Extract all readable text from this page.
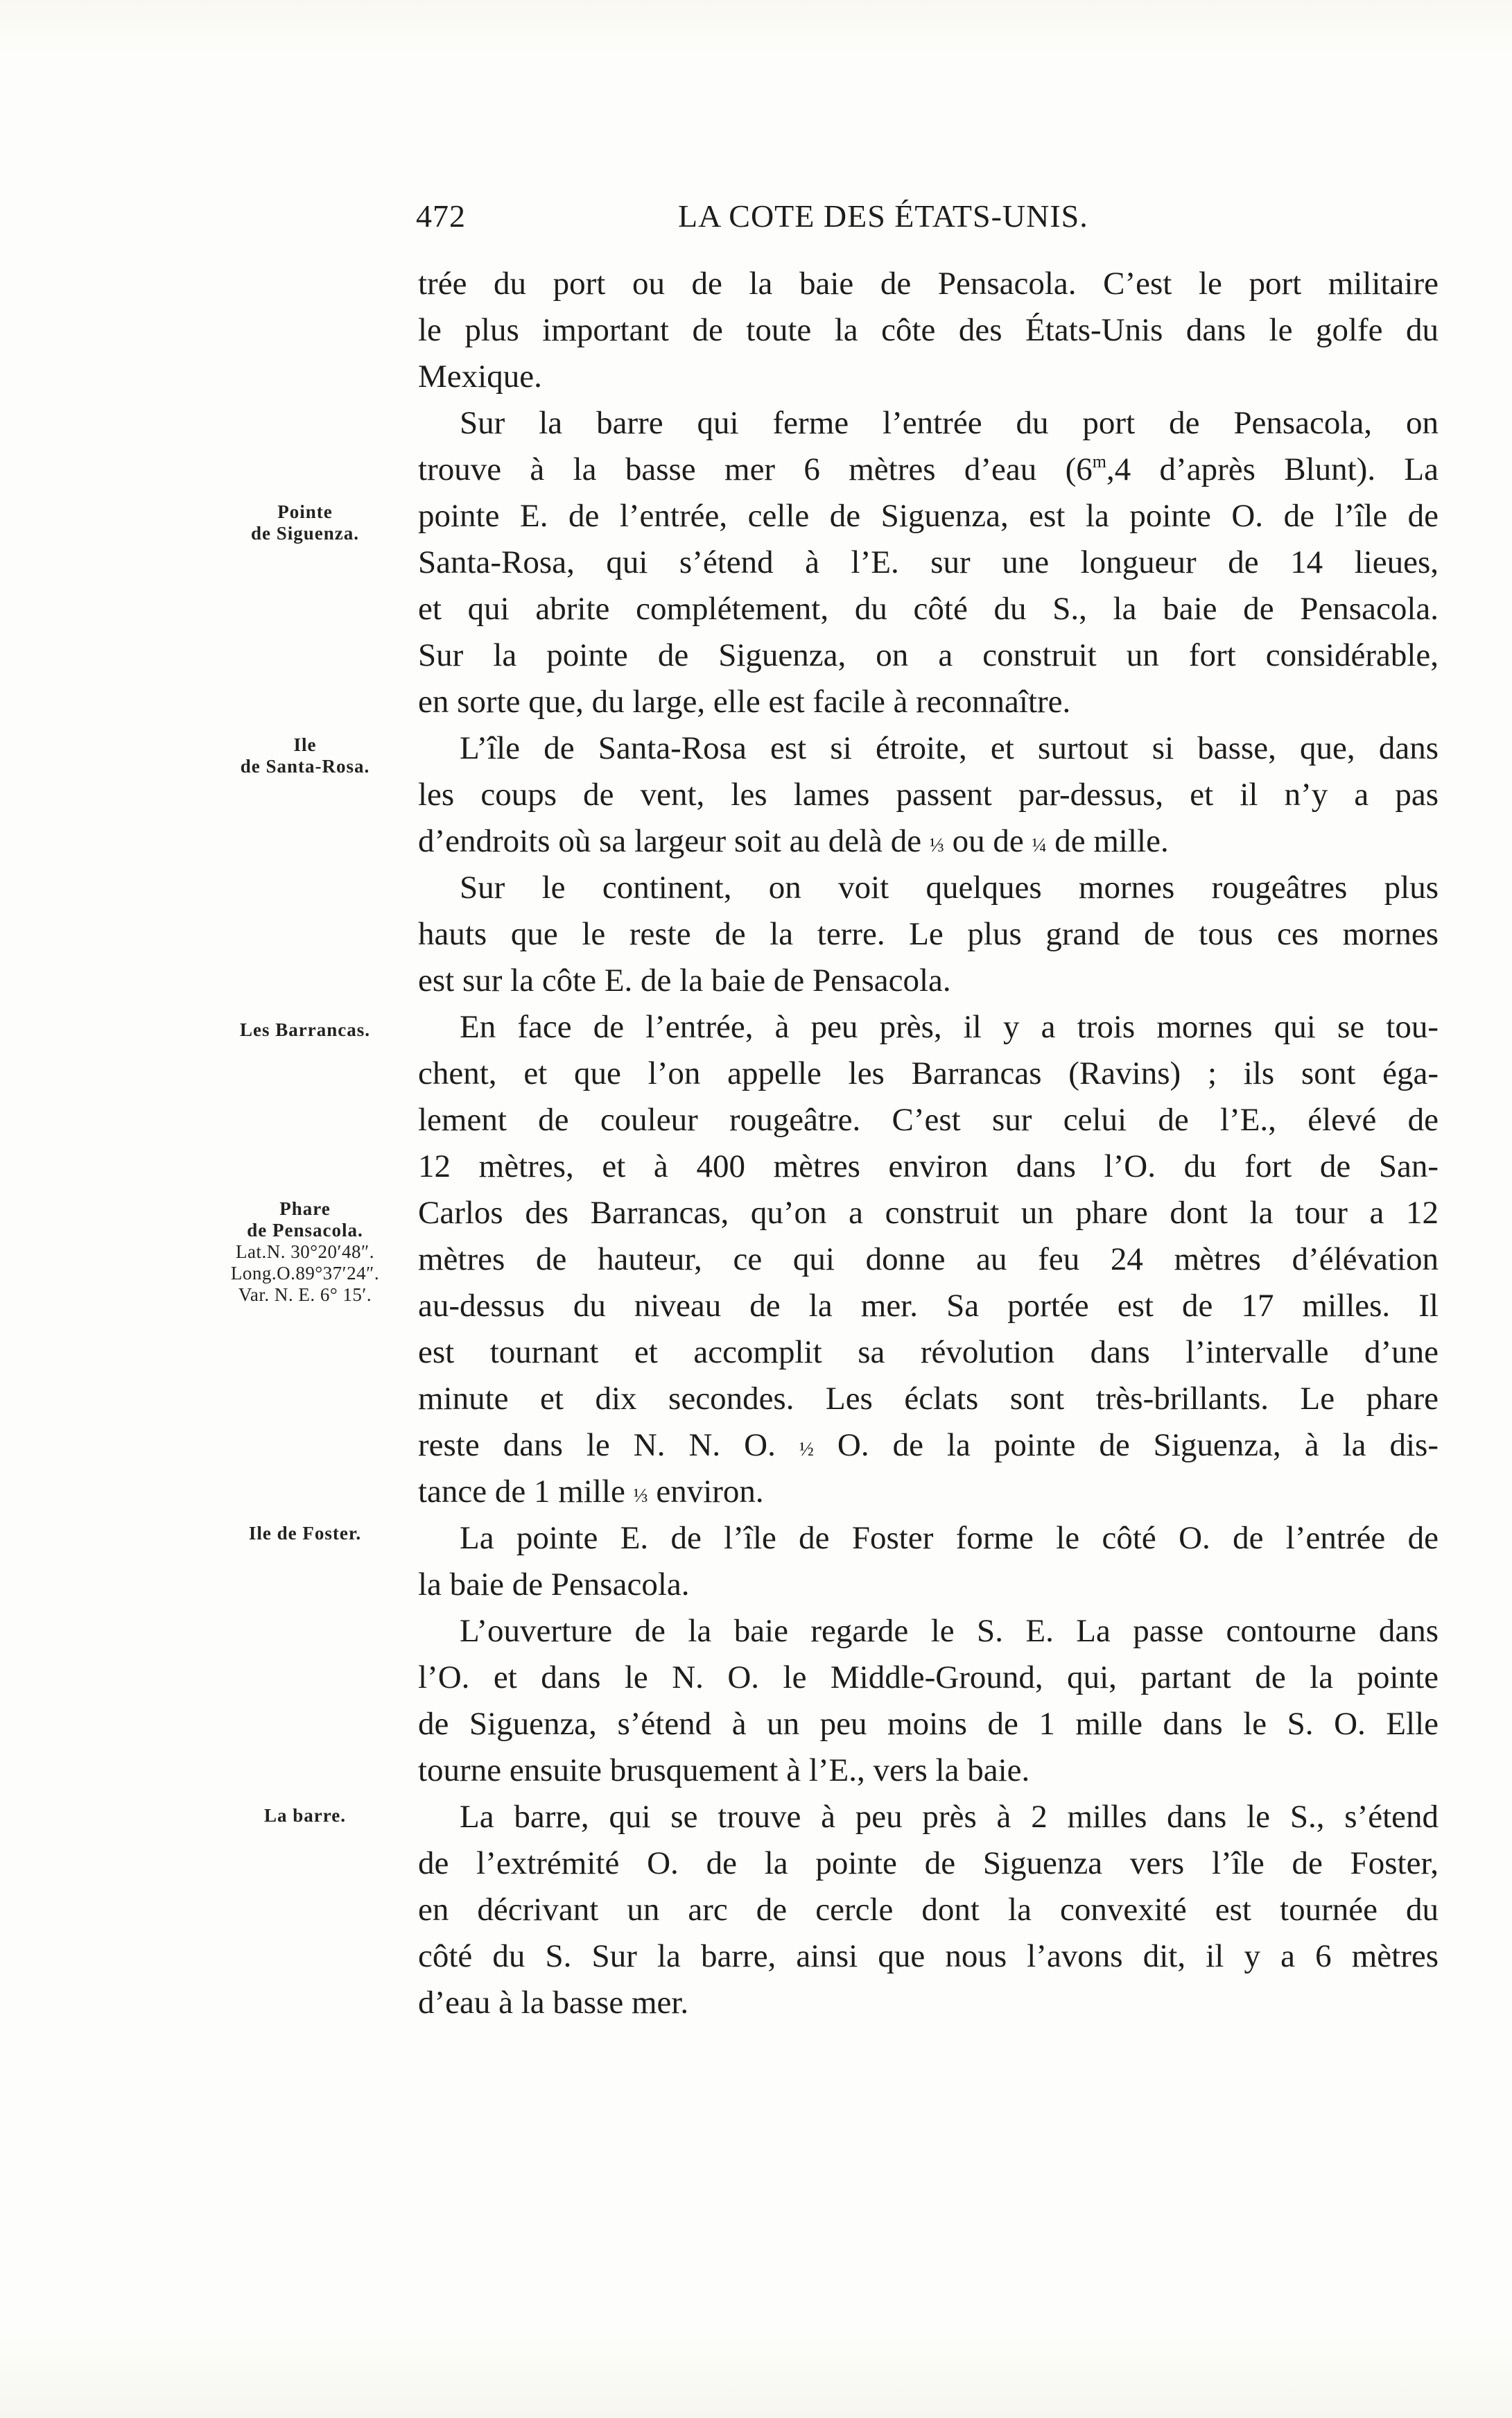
472	LA COTE DES ÉTATS-UNIS.
Pointe
de Siguenza.
Ile
de Santa-Rosa.
Les Barrancas.
Phare
de Pensacola.
Lat.N. 30°20′48″.
Long.O.89°37′24″.
Var. N. E. 6° 15′.
Ile de Foster.
La barre.
trée du port ou de la baie de Pensacola. C’est le port militaire
le plus important de toute la côte des États-Unis dans le golfe du
Mexique.
Sur la barre qui ferme l’entrée du port de Pensacola, on
trouve à la basse mer 6 mètres d’eau (6$^m$,4 d’après Blunt). La
pointe E. de l’entrée, celle de Siguenza, est la pointe O. de l’île de
Santa-Rosa, qui s’étend à l’E. sur une longueur de 14 lieues,
et qui abrite complétement, du côté du S., la baie de Pensacola.
Sur la pointe de Siguenza, on a construit un fort considérable,
en sorte que, du large, elle est facile à reconnaître.
L’île de Santa-Rosa est si étroite, et surtout si basse, que, dans
les coups de vent, les lames passent par-dessus, et il n’y a pas
d’endroits où sa largeur soit au delà de ⅓ ou de ¼ de mille.
Sur le continent, on voit quelques mornes rougeâtres plus
hauts que le reste de la terre. Le plus grand de tous ces mornes
est sur la côte E. de la baie de Pensacola.
En face de l’entrée, à peu près, il y a trois mornes qui se tou-
chent, et que l’on appelle les Barrancas (Ravins) ; ils sont éga-
lement de couleur rougeâtre. C’est sur celui de l’E., élevé de
12 mètres, et à 400 mètres environ dans l’O. du fort de San-
Carlos des Barrancas, qu’on a construit un phare dont la tour a 12
mètres de hauteur, ce qui donne au feu 24 mètres d’élévation
au-dessus du niveau de la mer. Sa portée est de 17 milles. Il
est tournant et accomplit sa révolution dans l’intervalle d’une
minute et dix secondes. Les éclats sont très-brillants. Le phare
reste dans le N. N. O. ½ O. de la pointe de Siguenza, à la dis-
tance de 1 mille ⅓ environ.
La pointe E. de l’île de Foster forme le côté O. de l’entrée de
la baie de Pensacola.
L’ouverture de la baie regarde le S. E. La passe contourne dans
l’O. et dans le N. O. le Middle-Ground, qui, partant de la pointe
de Siguenza, s’étend à un peu moins de 1 mille dans le S. O. Elle
tourne ensuite brusquement à l’E., vers la baie.
La barre, qui se trouve à peu près à 2 milles dans le S., s’étend
de l’extrémité O. de la pointe de Siguenza vers l’île de Foster,
en décrivant un arc de cercle dont la convexité est tournée du
côté du S. Sur la barre, ainsi que nous l’avons dit, il y a 6 mètres
d’eau à la basse mer.
